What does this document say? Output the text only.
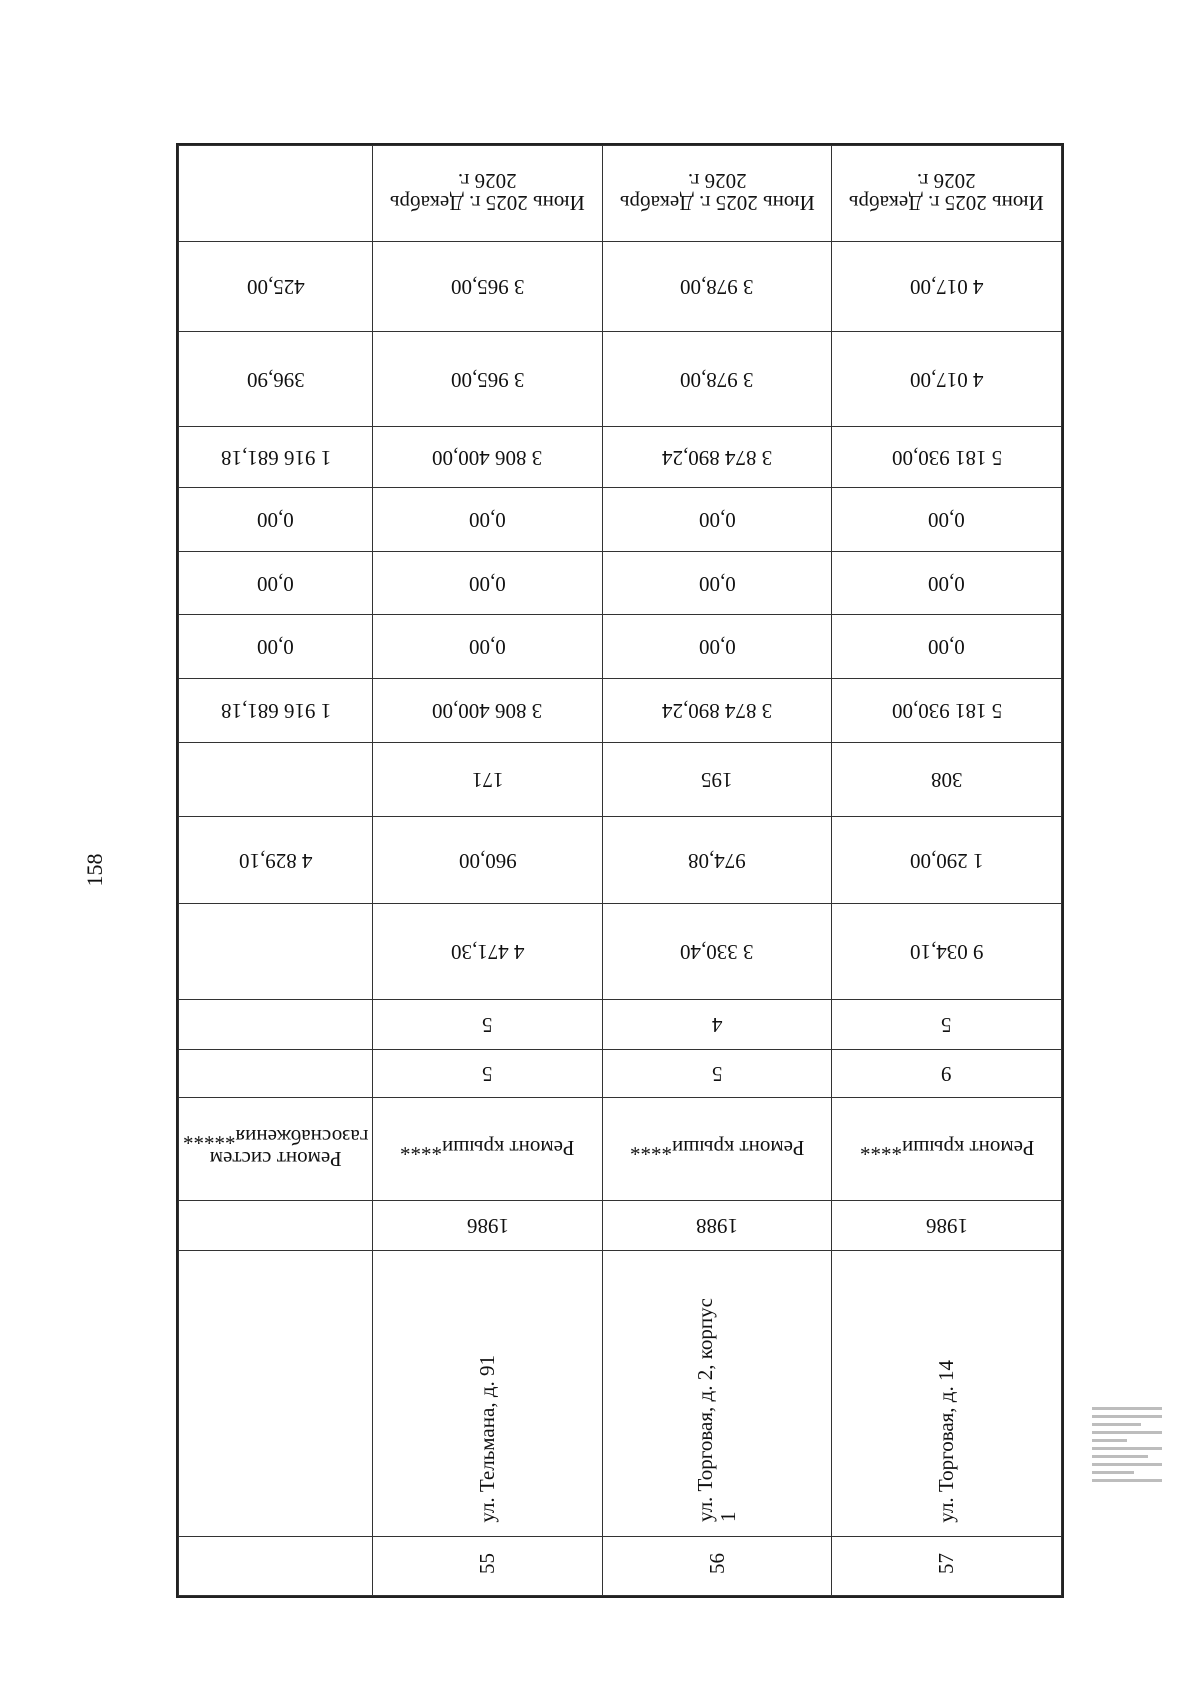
158
	Июнь 2025 г. Декабрь 2026 г.	Июнь 2025 г. Декабрь 2026 г.	Июнь 2025 г. Декабрь 2026 г.
425,00	3 965,00	3 978,00	4 017,00
396,90	3 965,00	3 978,00	4 017,00
1 916 681,18	3 806 400,00	3 874 890,24	5 181 930,00
0,00	0,00	0,00	0,00
0,00	0,00	0,00	0,00
0,00	0,00	0,00	0,00
1 916 681,18	3 806 400,00	3 874 890,24	5 181 930,00
	171	195	308
4 829,10	960,00	974,08	1 290,00
	4 471,30	3 330,40	9 034,10
	5	4	5
	5	5	9
Ремонт систем газоснабжения*****	Ремонт крыши****	Ремонт крыши****	Ремонт крыши****
	1986	1988	1986
	ул. Тельмана, д. 91	ул. Торговая, д. 2, корпус 1	ул. Торговая, д. 14
	55	56	57
